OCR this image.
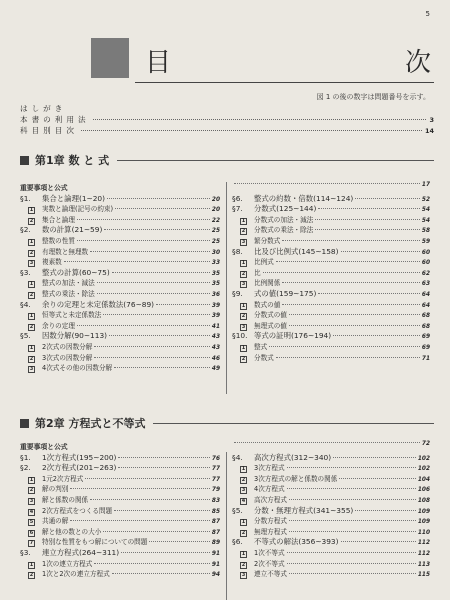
5
目	次
図 1 の後の数字は問題番号を示す。
はしがき
本書の利用法	3
科目別目次	14
第1章 数 と 式
重要事項と公式
§1.	集合と論理(1~20)	20
1 実数と論理(記号の約束)	20
2 集合と論理	22
§2.	数の計算(21~59)	25
1 整数の性質	25
2 有理数と無理数	30
3 複素数	33
§3.	整式の計算(60~75)	35
1 整式の加法・減法	35
2 整式の乗法・除法	36
§4.	余りの定理と未定係数法(76~89)	39
1 恒等式と未定係数法	39
2 余りの定理	41
§5.	因数分解(90~113)	43
1 2次式の因数分解	43
2 3次式の因数分解	46
3 4次式その他の因数分解	49
17
§6.	整式の約数・倍数(114~124)	52
§7.	分数式(125~144)	54
1 分数式の加法・減法	54
2 分数式の乗法・除法	58
3 繁分数式	59
§8.	比及び比例式(145~158)	60
1 比例式	60
2 比	62
3 比例関係	63
§9.	式の値(159~175)	64
1 数式の値	64
2 分数式の値	68
3 無理式の値	68
§10. 等式の証明(176~194)	69
1 整式	69
2 分数式	71
第2章 方程式と不等式
重要事項と公式
§1.	1次方程式(195~200)	76
§2.	2次方程式(201~263)	77
1 1元2次方程式	77
2 解の判別	79
3 解と係数の関係	83
4 2次方程式をつくる問題	85
5 共通の解	87
6 解と他の数との大小	87
7 特別な性質をもつ解についての問題	89
§3.	連立方程式(264~311)	91
1 1次の連立方程式	91
2 1次と2次の連立方程式	94
72
§4.	高次方程式(312~340)	102
1 3次方程式	102
2 3次方程式の解と係数の関係	104
3 4次方程式	106
4 高次方程式	108
§5.	分数・無理方程式(341~355)	109
1 分数方程式	109
2 無理方程式	110
§6.	不等式の解法(356~393)	112
1 1次不等式	112
2 2次不等式	113
3 連立不等式	115
